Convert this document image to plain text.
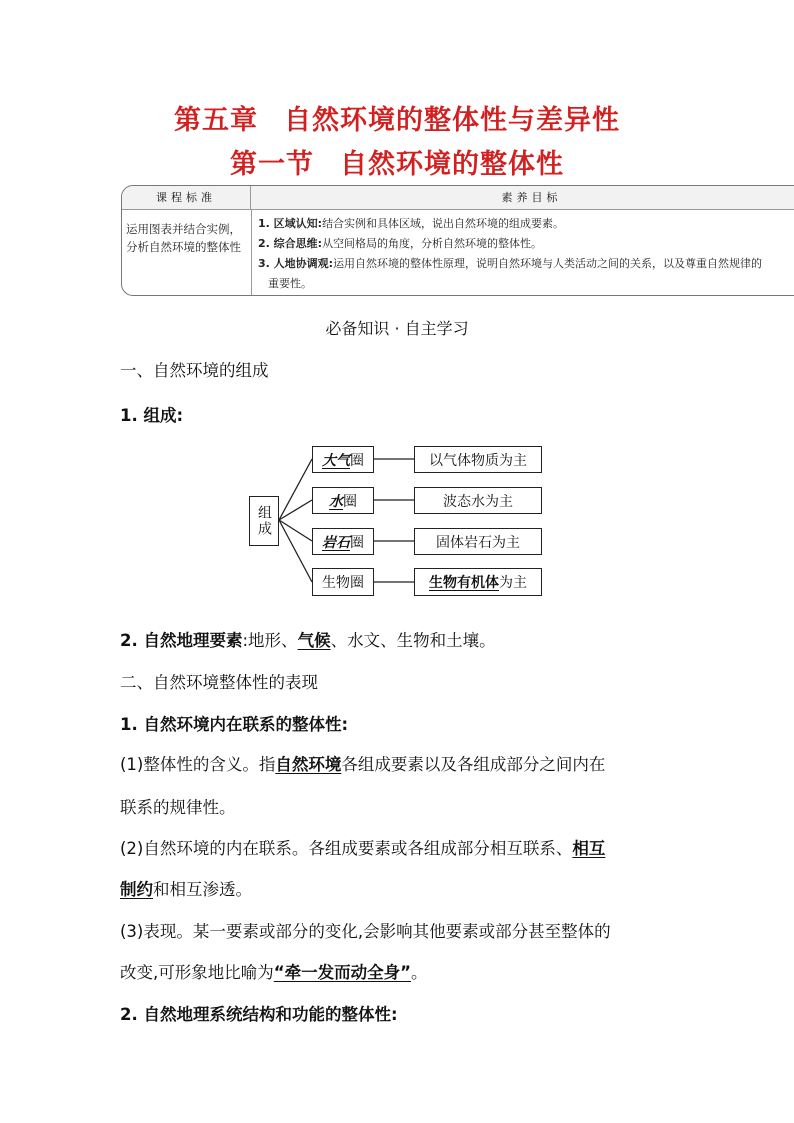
第五章 自然环境的整体性与差异性
第一节 自然环境的整体性
课程标准	素养目标
运用图表并结合实例，分析自然环境的整体性
1. 区域认知:结合实例和具体区域，说出自然环境的组成要素。
2. 综合思维:从空间格局的角度，分析自然环境的整体性。
3. 人地协调观:运用自然环境的整体性原理，说明自然环境与人类活动之间的关系，以及尊重自然规律的
重要性。
必备知识 · 自主学习
一、自然环境的组成
1. 组成:
组成
大气 圈
水 圈
岩石 圈
生物圈
以气体物质为主
波态水为主
固体岩石为主
生物有机体 为主
2. 自然地理要素:地形、气候、水文、生物和土壤。
二、自然环境整体性的表现
1. 自然环境内在联系的整体性:
(1)整体性的含义。指自然环境各组成要素以及各组成部分之间内在
联系的规律性。
(2)自然环境的内在联系。各组成要素或各组成部分相互联系、相互
制约和相互渗透。
(3)表现。某一要素或部分的变化,会影响其他要素或部分甚至整体的
改变,可形象地比喻为“牵一发而动全身”。
2. 自然地理系统结构和功能的整体性:
